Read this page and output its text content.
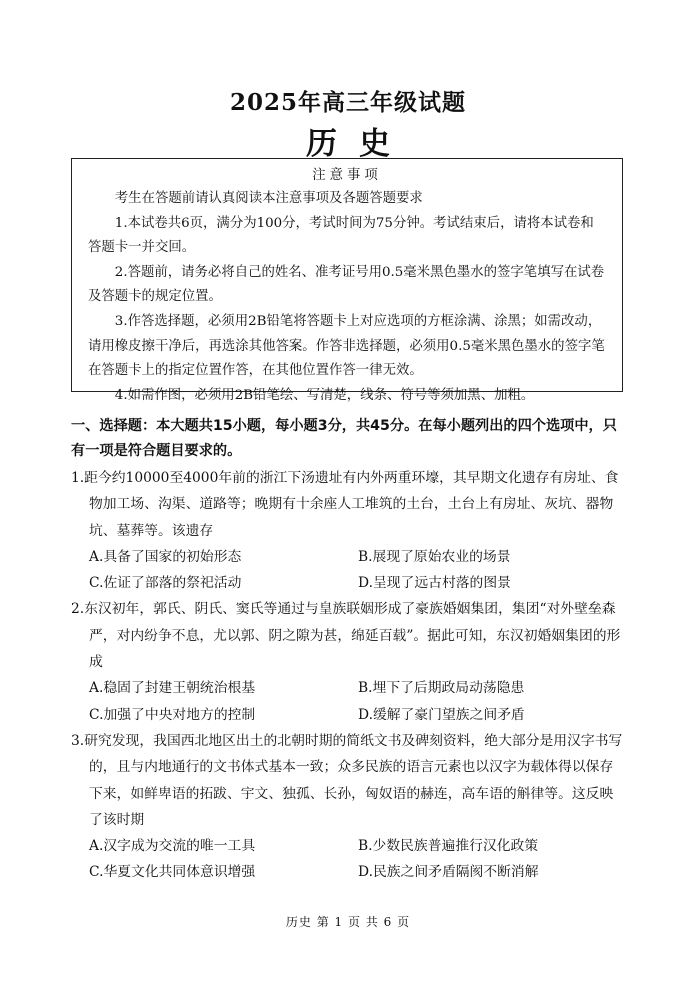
2025年高三年级试题
历史
注意事项

考生在答题前请认真阅读本注意事项及各题答题要求

1.本试卷共6页，满分为100分，考试时间为75分钟。考试结束后，请将本试卷和答题卡一并交回。

2.答题前，请务必将自己的姓名、准考证号用0.5毫米黑色墨水的签字笔填写在试卷及答题卡的规定位置。

3.作答选择题，必须用2B铅笔将答题卡上对应选项的方框涂满、涂黑；如需改动，请用橡皮擦干净后，再选涂其他答案。作答非选择题，必须用0.5毫米黑色墨水的签字笔在答题卡上的指定位置作答，在其他位置作答一律无效。

4.如需作图，必须用2B铅笔绘、写清楚，线条、符号等须加黑、加粗。

一、选择题：本大题共15小题，每小题3分，共45分。在每小题列出的四个选项中，只有一项是符合题目要求的。

1.距今约10000至4000年前的浙江下汤遗址有内外两重环壕，其早期文化遗存有房址、食物加工场、沟渠、道路等；晚期有十余座人工堆筑的土台，土台上有房址、灰坑、器物坑、墓葬等。该遗存

A.具备了国家的初始形态	B.展现了原始农业的场景
C.佐证了部落的祭祀活动	D.呈现了远古村落的图景

2.东汉初年，郭氏、阴氏、窦氏等通过与皇族联姻形成了豪族婚姻集团，集团“对外壁垒森严，对内纷争不息，尤以郭、阴之隙为甚，绵延百载”。据此可知，东汉初婚姻集团的形成

A.稳固了封建王朝统治根基	B.埋下了后期政局动荡隐患
C.加强了中央对地方的控制	D.缓解了豪门望族之间矛盾

3.研究发现，我国西北地区出土的北朝时期的简纸文书及碑刻资料，绝大部分是用汉字书写的，且与内地通行的文书体式基本一致；众多民族的语言元素也以汉字为载体得以保存下来，如鲜卑语的拓跋、宇文、独孤、长孙，匈奴语的赫连，高车语的斛律等。这反映了该时期

A.汉字成为交流的唯一工具	B.少数民族普遍推行汉化政策
C.华夏文化共同体意识增强	D.民族之间矛盾隔阂不断消解
历史 第 1 页 共 6 页
